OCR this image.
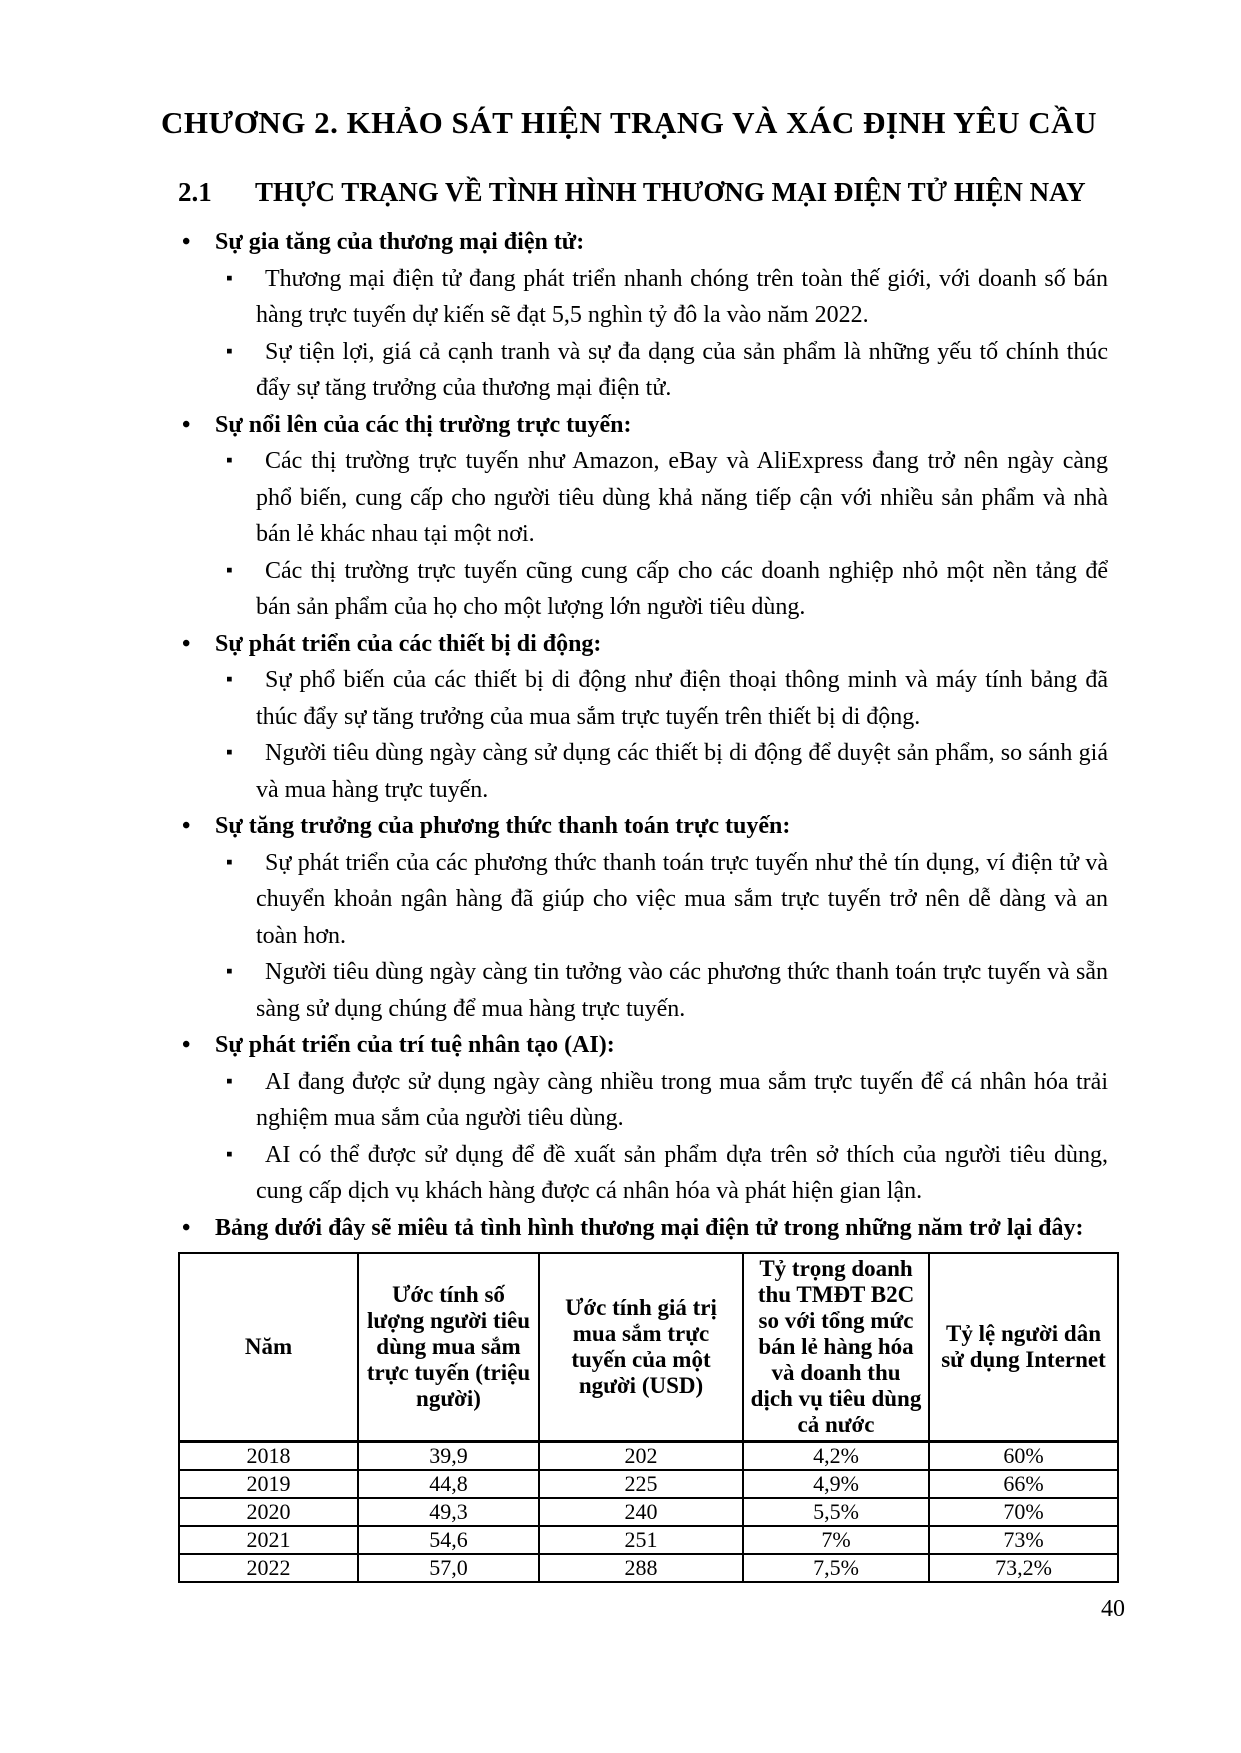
CHƯƠNG 2. KHẢO SÁT HIỆN TRẠNG VÀ XÁC ĐỊNH YÊU CẦU
2.1	THỰC TRẠNG VỀ TÌNH HÌNH THƯƠNG MẠI ĐIỆN TỬ HIỆN NAY
•	Sự gia tăng của thương mại điện tử:
▪ Thương mại điện tử đang phát triển nhanh chóng trên toàn thế giới, với doanh số bán hàng trực tuyến dự kiến sẽ đạt 5,5 nghìn tỷ đô la vào năm 2022.
▪ Sự tiện lợi, giá cả cạnh tranh và sự đa dạng của sản phẩm là những yếu tố chính thúc đẩy sự tăng trưởng của thương mại điện tử.
•	Sự nổi lên của các thị trường trực tuyến:
▪ Các thị trường trực tuyến như Amazon, eBay và AliExpress đang trở nên ngày càng phổ biến, cung cấp cho người tiêu dùng khả năng tiếp cận với nhiều sản phẩm và nhà bán lẻ khác nhau tại một nơi.
▪ Các thị trường trực tuyến cũng cung cấp cho các doanh nghiệp nhỏ một nền tảng để bán sản phẩm của họ cho một lượng lớn người tiêu dùng.
•	Sự phát triển của các thiết bị di động:
▪ Sự phổ biến của các thiết bị di động như điện thoại thông minh và máy tính bảng đã thúc đẩy sự tăng trưởng của mua sắm trực tuyến trên thiết bị di động.
▪ Người tiêu dùng ngày càng sử dụng các thiết bị di động để duyệt sản phẩm, so sánh giá và mua hàng trực tuyến.
•	Sự tăng trưởng của phương thức thanh toán trực tuyến:
▪ Sự phát triển của các phương thức thanh toán trực tuyến như thẻ tín dụng, ví điện tử và chuyển khoản ngân hàng đã giúp cho việc mua sắm trực tuyến trở nên dễ dàng và an toàn hơn.
▪ Người tiêu dùng ngày càng tin tưởng vào các phương thức thanh toán trực tuyến và sẵn sàng sử dụng chúng để mua hàng trực tuyến.
•	Sự phát triển của trí tuệ nhân tạo (AI):
▪ AI đang được sử dụng ngày càng nhiều trong mua sắm trực tuyến để cá nhân hóa trải nghiệm mua sắm của người tiêu dùng.
▪ AI có thể được sử dụng để đề xuất sản phẩm dựa trên sở thích của người tiêu dùng, cung cấp dịch vụ khách hàng được cá nhân hóa và phát hiện gian lận.
•	Bảng dưới đây sẽ miêu tả tình hình thương mại điện tử trong những năm trở lại đây:
Năm	Ước tính số lượng người tiêu dùng mua sắm trực tuyến (triệu người)	Ước tính giá trị mua sắm trực tuyến của một người (USD)	Tỷ trọng doanh thu TMĐT B2C so với tổng mức bán lẻ hàng hóa và doanh thu dịch vụ tiêu dùng cả nước	Tỷ lệ người dân sử dụng Internet
2018	39,9	202	4,2%	60%
2019	44,8	225	4,9%	66%
2020	49,3	240	5,5%	70%
2021	54,6	251	7%	73%
2022	57,0	288	7,5%	73,2%
40
